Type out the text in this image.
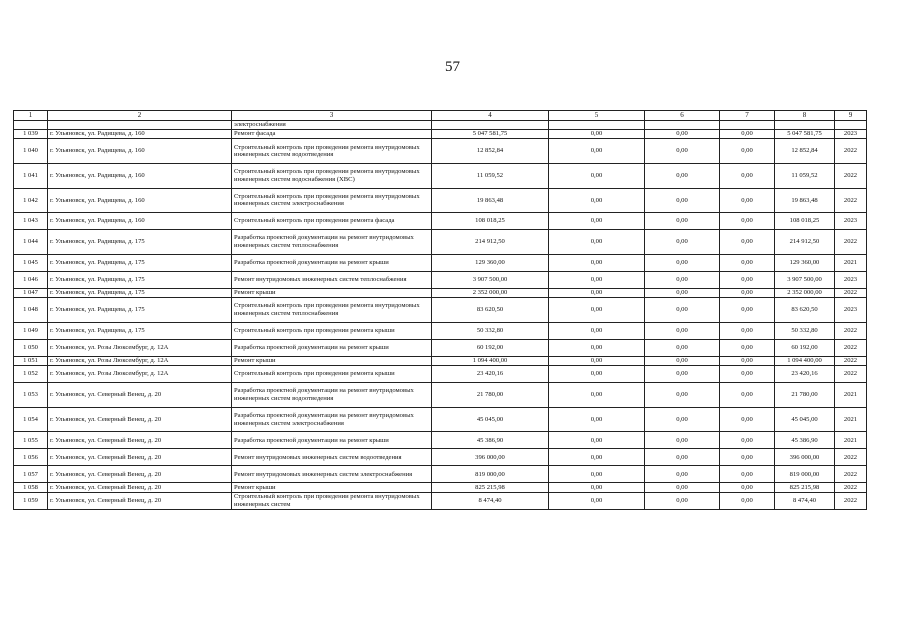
57
1	2	3	4	5	6	7	8	9
		электроснабжения						
1 039	г. Ульяновск, ул. Радищева, д. 160	Ремонт фасада	5 047 581,75	0,00	0,00	0,00	5 047 581,75	2023
1 040	г. Ульяновск, ул. Радищева, д. 160	Строительный контроль при проведении ремонта внутридомовых инженерных систем водоотведения	12 852,84	0,00	0,00	0,00	12 852,84	2022
1 041	г. Ульяновск, ул. Радищева, д. 160	Строительный контроль при проведении ремонта внутридомовых инженерных систем водоснабжения (ХВС)	11 059,52	0,00	0,00	0,00	11 059,52	2022
1 042	г. Ульяновск, ул. Радищева, д. 160	Строительный контроль при проведении ремонта внутридомовых инженерных систем электроснабжения	19 863,48	0,00	0,00	0,00	19 863,48	2022
1 043	г. Ульяновск, ул. Радищева, д. 160	Строительный контроль при проведении ремонта фасада	108 018,25	0,00	0,00	0,00	108 018,25	2023
1 044	г. Ульяновск, ул. Радищева, д. 175	Разработка проектной документации на ремонт внутридомовых инженерных систем теплоснабжения	214 912,50	0,00	0,00	0,00	214 912,50	2022
1 045	г. Ульяновск, ул. Радищева, д. 175	Разработка проектной документации на ремонт крыши	129 360,00	0,00	0,00	0,00	129 360,00	2021
1 046	г. Ульяновск, ул. Радищева, д. 175	Ремонт внутридомовых инженерных систем теплоснабжения	3 907 500,00	0,00	0,00	0,00	3 907 500,00	2023
1 047	г. Ульяновск, ул. Радищева, д. 175	Ремонт крыши	2 352 000,00	0,00	0,00	0,00	2 352 000,00	2022
1 048	г. Ульяновск, ул. Радищева, д. 175	Строительный контроль при проведении ремонта внутридомовых инженерных систем теплоснабжения	83 620,50	0,00	0,00	0,00	83 620,50	2023
1 049	г. Ульяновск, ул. Радищева, д. 175	Строительный контроль при проведении ремонта крыши	50 332,80	0,00	0,00	0,00	50 332,80	2022
1 050	г. Ульяновск, ул. Розы Люксембург, д. 12А	Разработка проектной документации на ремонт крыши	60 192,00	0,00	0,00	0,00	60 192,00	2022
1 051	г. Ульяновск, ул. Розы Люксембург, д. 12А	Ремонт крыши	1 094 400,00	0,00	0,00	0,00	1 094 400,00	2022
1 052	г. Ульяновск, ул. Розы Люксембург, д. 12А	Строительный контроль при проведении ремонта крыши	23 420,16	0,00	0,00	0,00	23 420,16	2022
1 053	г. Ульяновск, ул. Северный Венец, д. 20	Разработка проектной документации на ремонт внутридомовых инженерных систем водоотведения	21 780,00	0,00	0,00	0,00	21 780,00	2021
1 054	г. Ульяновск, ул. Северный Венец, д. 20	Разработка проектной документации на ремонт внутридомовых инженерных систем электроснабжения	45 045,00	0,00	0,00	0,00	45 045,00	2021
1 055	г. Ульяновск, ул. Северный Венец, д. 20	Разработка проектной документации на ремонт крыши	45 386,90	0,00	0,00	0,00	45 386,90	2021
1 056	г. Ульяновск, ул. Северный Венец, д. 20	Ремонт внутридомовых инженерных систем водоотведения	396 000,00	0,00	0,00	0,00	396 000,00	2022
1 057	г. Ульяновск, ул. Северный Венец, д. 20	Ремонт внутридомовых инженерных систем электроснабжения	819 000,00	0,00	0,00	0,00	819 000,00	2022
1 058	г. Ульяновск, ул. Северный Венец, д. 20	Ремонт крыши	825 215,98	0,00	0,00	0,00	825 215,98	2022
1 059	г. Ульяновск, ул. Северный Венец, д. 20	Строительный контроль при проведении ремонта внутридомовых инженерных систем	8 474,40	0,00	0,00	0,00	8 474,40	2022
